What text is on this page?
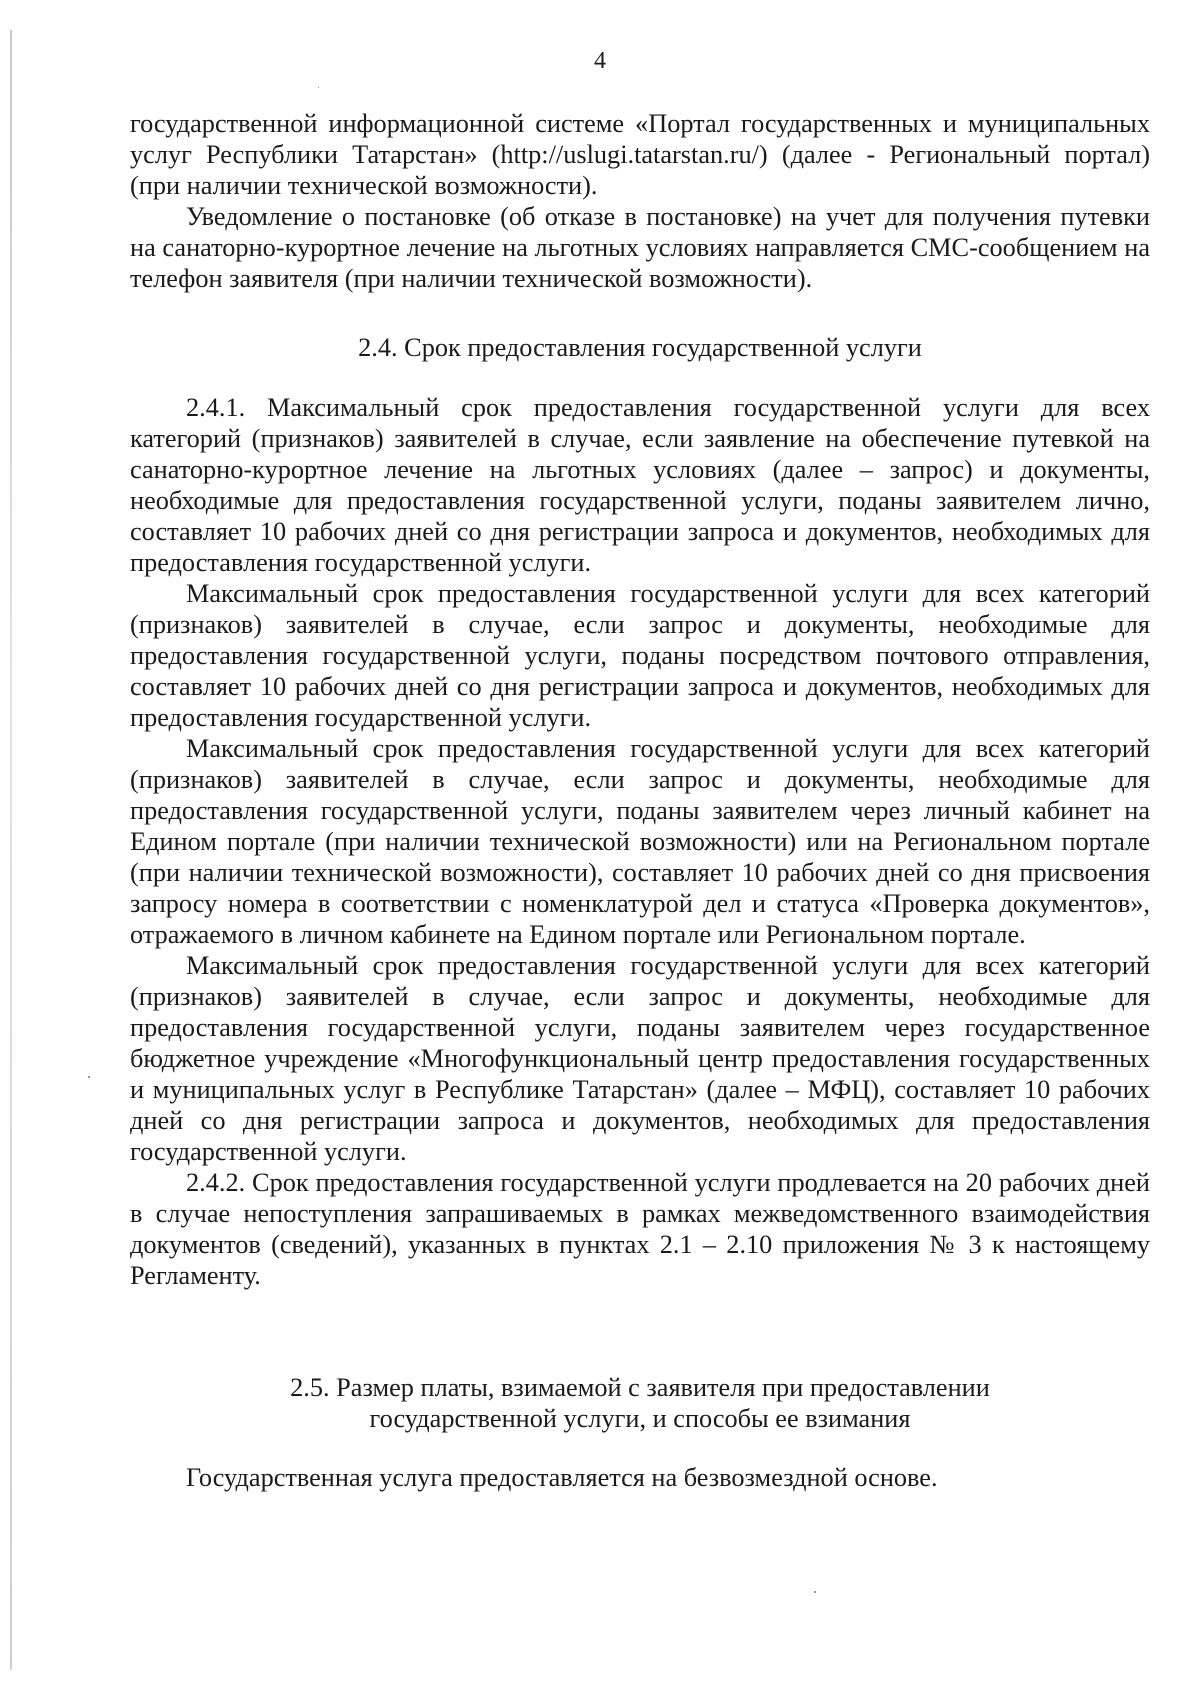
4

государственной информационной системе «Портал государственных и муниципальных услуг Республики Татарстан» (http://uslugi.tatarstan.ru/) (далее - Региональный портал) (при наличии технической возможности).

Уведомление о постановке (об отказе в постановке) на учет для получения путевки на санаторно-курортное лечение на льготных условиях направляется СМС-сообщением на телефон заявителя (при наличии технической возможности).

2.4. Срок предоставления государственной услуги

2.4.1. Максимальный срок предоставления государственной услуги для всех категорий (признаков) заявителей в случае, если заявление на обеспечение путевкой на санаторно-курортное лечение на льготных условиях (далее – запрос) и документы, необходимые для предоставления государственной услуги, поданы заявителем лично, составляет 10 рабочих дней со дня регистрации запроса и документов, необходимых для предоставления государственной услуги.

Максимальный срок предоставления государственной услуги для всех категорий (признаков) заявителей в случае, если запрос и документы, необходимые для предоставления государственной услуги, поданы посредством почтового отправления, составляет 10 рабочих дней со дня регистрации запроса и документов, необходимых для предоставления государственной услуги.

Максимальный срок предоставления государственной услуги для всех категорий (признаков) заявителей в случае, если запрос и документы, необходимые для предоставления государственной услуги, поданы заявителем через личный кабинет на Едином портале (при наличии технической возможности) или на Региональном портале (при наличии технической возможности), составляет 10 рабочих дней со дня присвоения запросу номера в соответствии с номенклатурой дел и статуса «Проверка документов», отражаемого в личном кабинете на Едином портале или Региональном портале.

Максимальный срок предоставления государственной услуги для всех категорий (признаков) заявителей в случае, если запрос и документы, необходимые для предоставления государственной услуги, поданы заявителем через государственное бюджетное учреждение «Многофункциональный центр предоставления государственных и муниципальных услуг в Республике Татарстан» (далее – МФЦ), составляет 10 рабочих дней со дня регистрации запроса и документов, необходимых для предоставления государственной услуги.

2.4.2. Срок предоставления государственной услуги продлевается на 20 рабочих дней в случае непоступления запрашиваемых в рамках межведомственного взаимодействия документов (сведений), указанных в пунктах 2.1 – 2.10 приложения № 3 к настоящему Регламенту.

2.5. Размер платы, взимаемой с заявителя при предоставлении
государственной услуги, и способы ее взимания

Государственная услуга предоставляется на безвозмездной основе.
